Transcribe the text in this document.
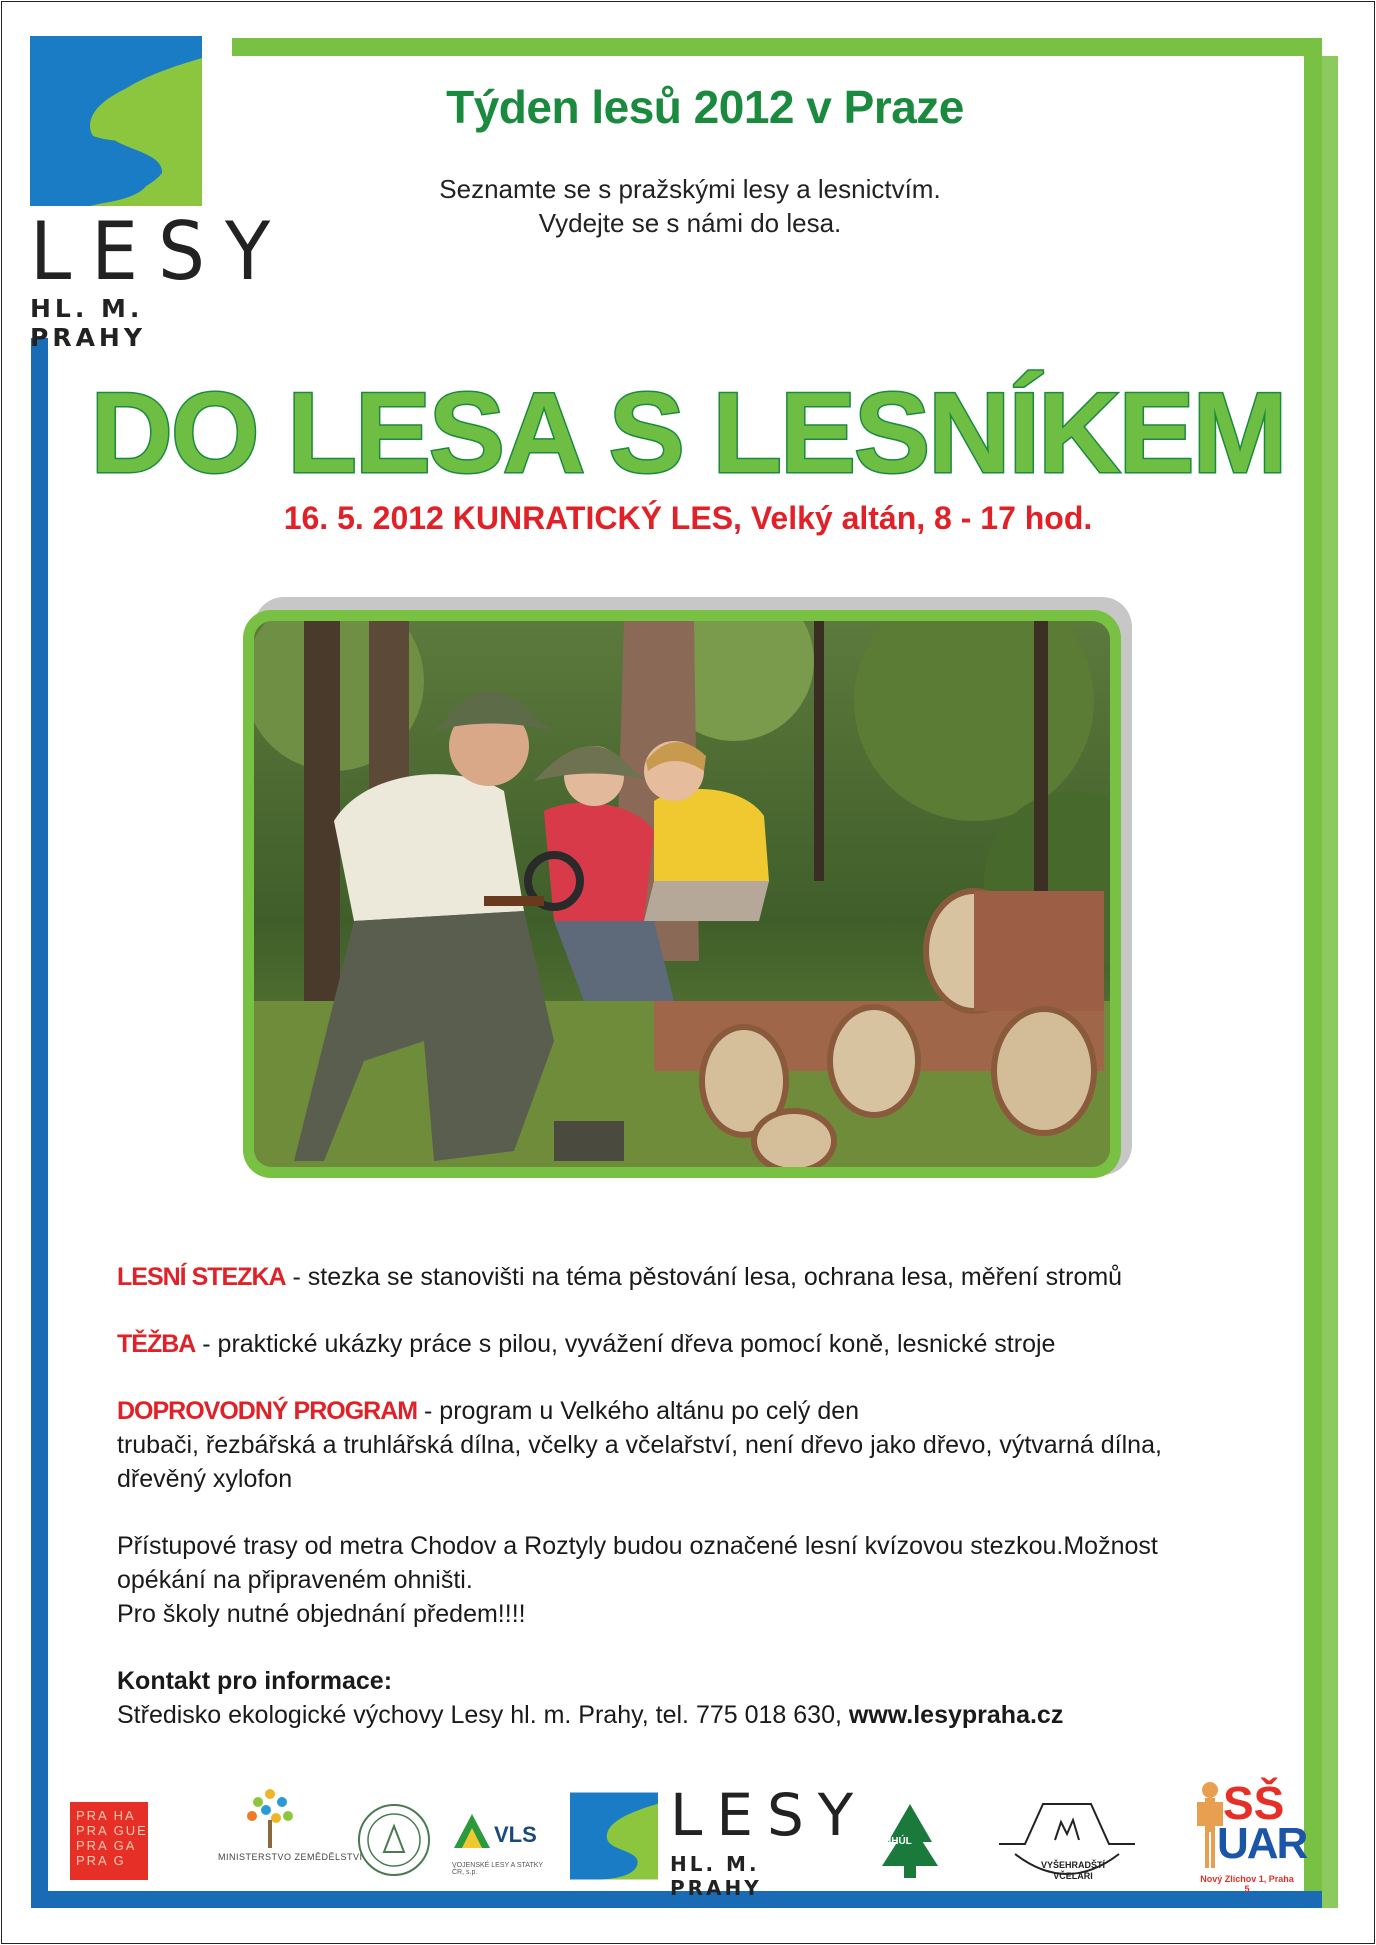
LESY
HL. M. PRAHY
Týden lesů 2012 v Praze
Seznamte se s pražskými lesy a lesnictvím.
Vydejte se s námi do lesa.
DO LESA S LESNÍKEM
16. 5. 2012 KUNRATICKÝ LES, Velký altán, 8 - 17 hod.

LESNÍ STEZKA - stezka se stanovišti na téma pěstování lesa, ochrana lesa, měření stromů

TĚŽBA - praktické ukázky práce s pilou, vyvážení dřeva pomocí koně, lesnické stroje

DOPROVODNÝ PROGRAM - program u Velkého altánu po celý den

trubači, řezbářská a truhlářská dílna, včelky a včelařství, není dřevo jako dřevo, výtvarná dílna,

dřevěný xylofon

Přístupové trasy od metra Chodov a Roztyly budou označené lesní kvízovou stezkou.Možnost

opékání na připraveném ohništi.

Pro školy nutné objednání předem!!!!

Kontakt pro informace:

Středisko ekologické výchovy Lesy hl. m. Prahy, tel. 775 018 630, www.lesypraha.cz

PRA HA
PRA GUE
PRA GA
PRA G	MINISTERSTVO ZEMĚDĚLSTVÍ
VLS
VOJENSKÉ LESY A STATKY ČR, s.p.
LESY
HL. M. PRAHY
ÚHÚL
VYŠEHRADŠTÍ VČELAŘI
SŠ
UAR
Nový Zlíchov 1, Praha 5
